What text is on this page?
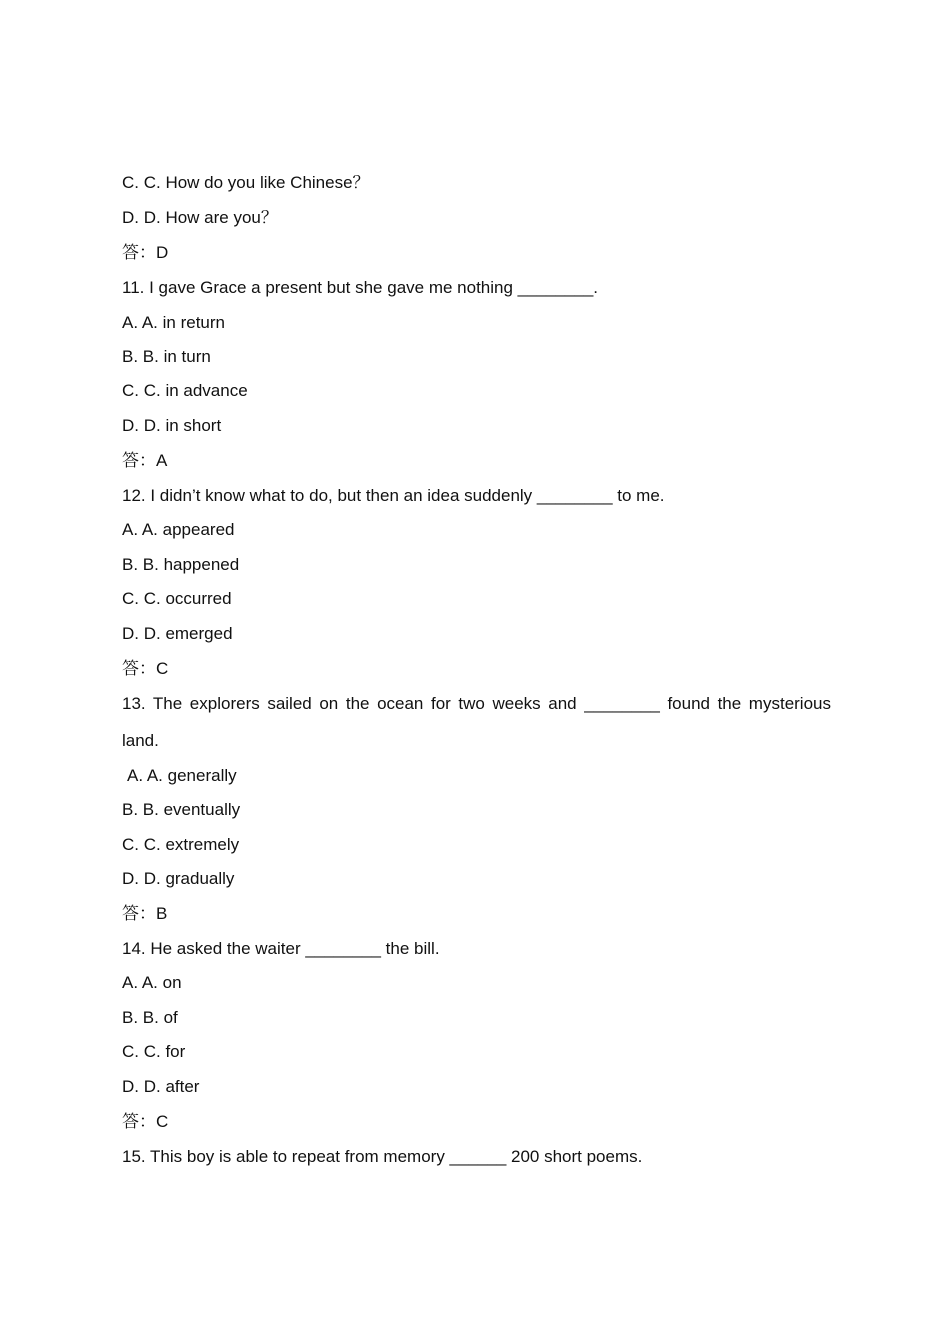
C. C. How do you like Chinese？
D. D. How are you？
答：D
11. I gave Grace a present but she gave me nothing ________.
A. A. in return
B. B. in turn
C. C. in advance
D. D. in short
答：A
12. I didn’t know what to do, but then an idea suddenly ________ to me.
A. A. appeared
B. B. happened
C. C. occurred
D. D. emerged
答：C
13. The explorers sailed on the ocean for two weeks and ________ found the mysterious
land.
A. A. generally
B. B. eventually
C. C. extremely
D. D. gradually
答：B
14. He asked the waiter ________ the bill.
A. A. on
B. B. of
C. C. for
D. D. after
答：C
15. This boy is able to repeat from memory ______ 200 short poems.
